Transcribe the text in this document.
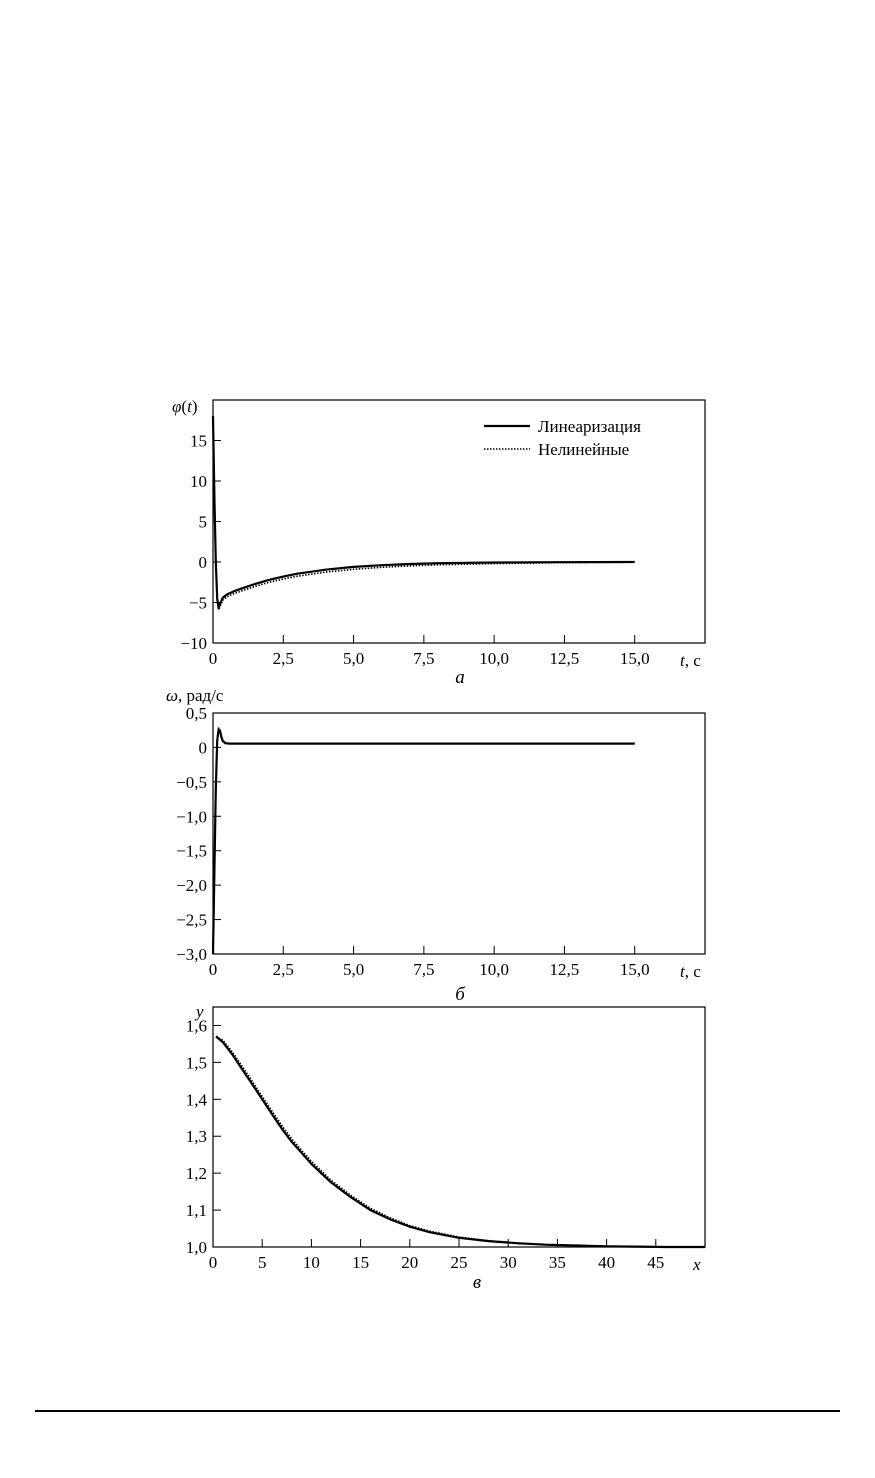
0	2,5	5,0	7,5	10,0 12,5 15,0
−10
−5
0
5
10
15
φ(t)
t, c
а
Линеаризация
Нелинейные
0	2,5	5,0	7,5	10,0 12,5 15,0
−3,0
−2,5
−2,0
−1,5
−1,0
−0,5
0
0,5
ω, рад/с
t, c
б
0 5 10 15 20 25 30 35 40 45
1,0
1,1
1,2
1,3
1,4
1,5
1,6
y
x
в
